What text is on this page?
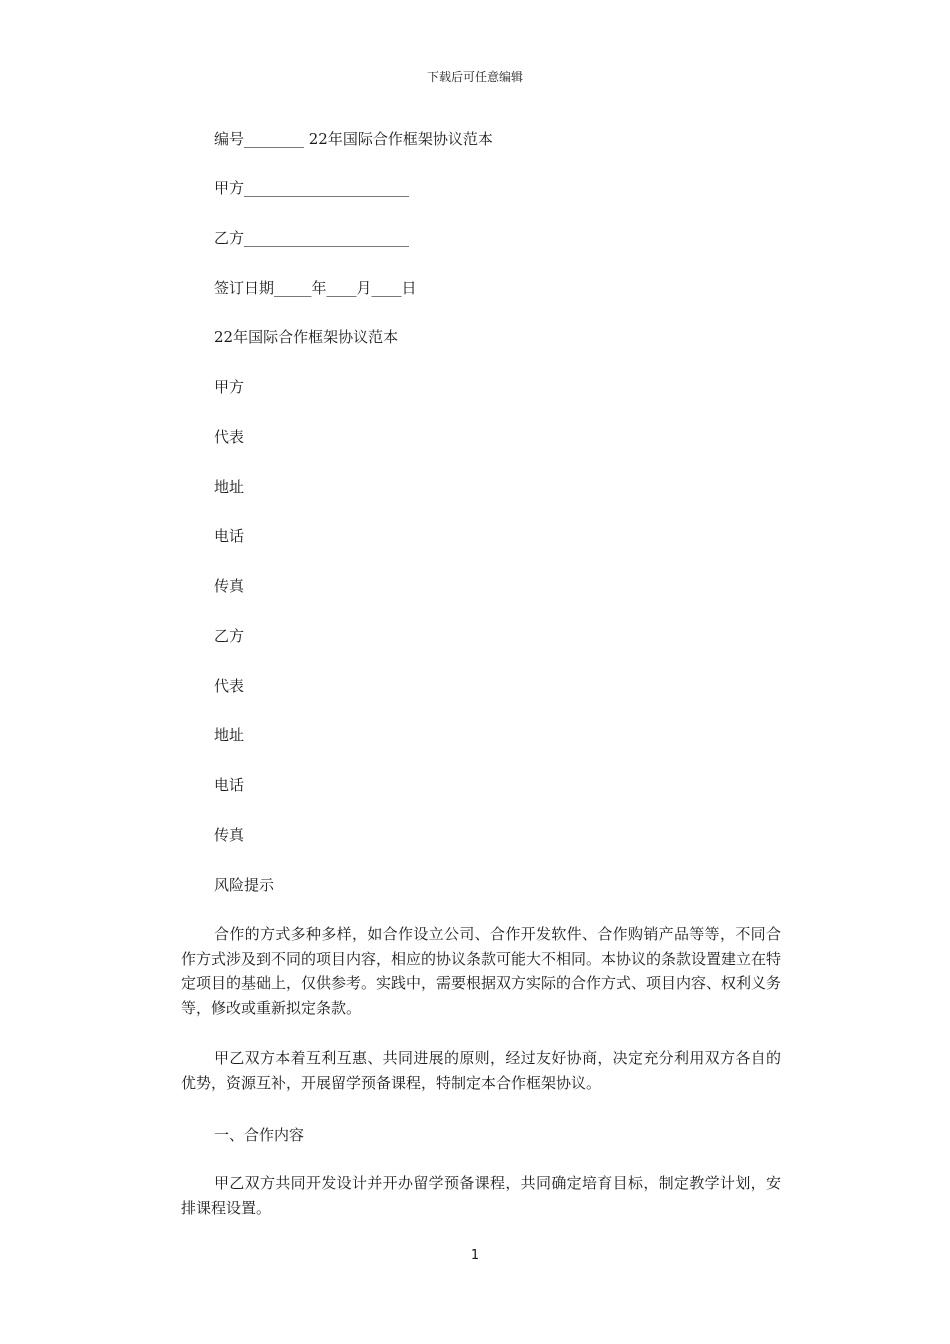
下载后可任意编辑
编号________ 22年国际合作框架协议范本
甲方______________________
乙方______________________
签订日期_____年____月____日
22年国际合作框架协议范本
甲方
代表
地址
电话
传真
乙方
代表
地址
电话
传真
风险提示
合作的方式多种多样，如合作设立公司、合作开发软件、合作购销产品等等，不同合作方式涉及到不同的项目内容，相应的协议条款可能大不相同。本协议的条款设置建立在特定项目的基础上，仅供参考。实践中，需要根据双方实际的合作方式、项目内容、权利义务等，修改或重新拟定条款。
甲乙双方本着互利互惠、共同进展的原则，经过友好协商，决定充分利用双方各自的优势，资源互补，开展留学预备课程，特制定本合作框架协议。
一、合作内容
甲乙双方共同开发设计并开办留学预备课程，共同确定培育目标，制定教学计划，安排课程设置。
1
